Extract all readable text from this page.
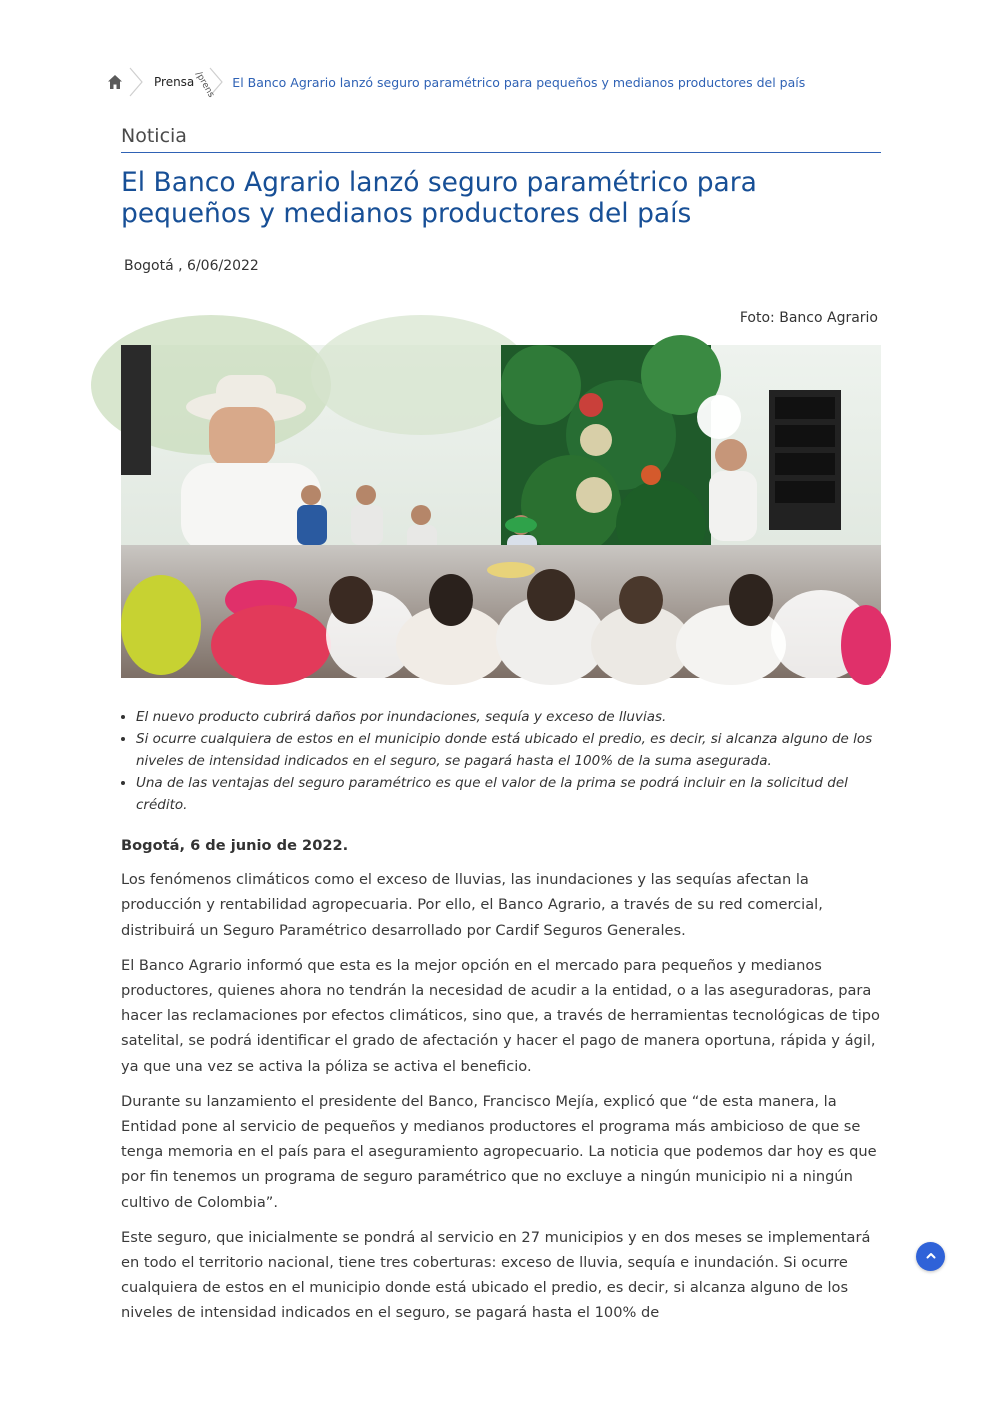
Prensa /prens El Banco Agrario lanzó seguro paramétrico para pequeños y medianos productores del país
Noticia
El Banco Agrario lanzó seguro paramétrico para pequeños y medianos productores del país
Bogotá , 6/06/2022
Foto: Banco Agrario
• El nuevo producto cubrirá daños por inundaciones, sequía y exceso de lluvias.
• Si ocurre cualquiera de estos en el municipio donde está ubicado el predio, es decir, si alcanza alguno de los niveles de intensidad indicados en el seguro, se pagará hasta el 100% de la suma asegurada.
• Una de las ventajas del seguro paramétrico es que el valor de la prima se podrá incluir en la solicitud del crédito.

Bogotá, 6 de junio de 2022.

Los fenómenos climáticos como el exceso de lluvias, las inundaciones y las sequías afectan la producción y rentabilidad agropecuaria. Por ello, el Banco Agrario, a través de su red comercial, distribuirá un Seguro Paramétrico desarrollado por Cardif Seguros Generales.

El Banco Agrario informó que esta es la mejor opción en el mercado para pequeños y medianos productores, quienes ahora no tendrán la necesidad de acudir a la entidad, o a las aseguradoras, para hacer las reclamaciones por efectos climáticos, sino que, a través de herramientas tecnológicas de tipo satelital, se podrá identificar el grado de afectación y hacer el pago de manera oportuna, rápida y ágil, ya que una vez se activa la póliza se activa el beneficio.

Durante su lanzamiento el presidente del Banco, Francisco Mejía, explicó que “de esta manera, la Entidad pone al servicio de pequeños y medianos productores el programa más ambicioso de que se tenga memoria en el país para el aseguramiento agropecuario. La noticia que podemos dar hoy es que por fin tenemos un programa de seguro paramétrico que no excluye a ningún municipio ni a ningún cultivo de Colombia”.

Este seguro, que inicialmente se pondrá al servicio en 27 municipios y en dos meses se implementará en todo el territorio nacional, tiene tres coberturas: exceso de lluvia, sequía e inundación. Si ocurre cualquiera de estos en el municipio donde está ubicado el predio, es decir, si alcanza alguno de los niveles de intensidad indicados en el seguro, se pagará hasta el 100% de
